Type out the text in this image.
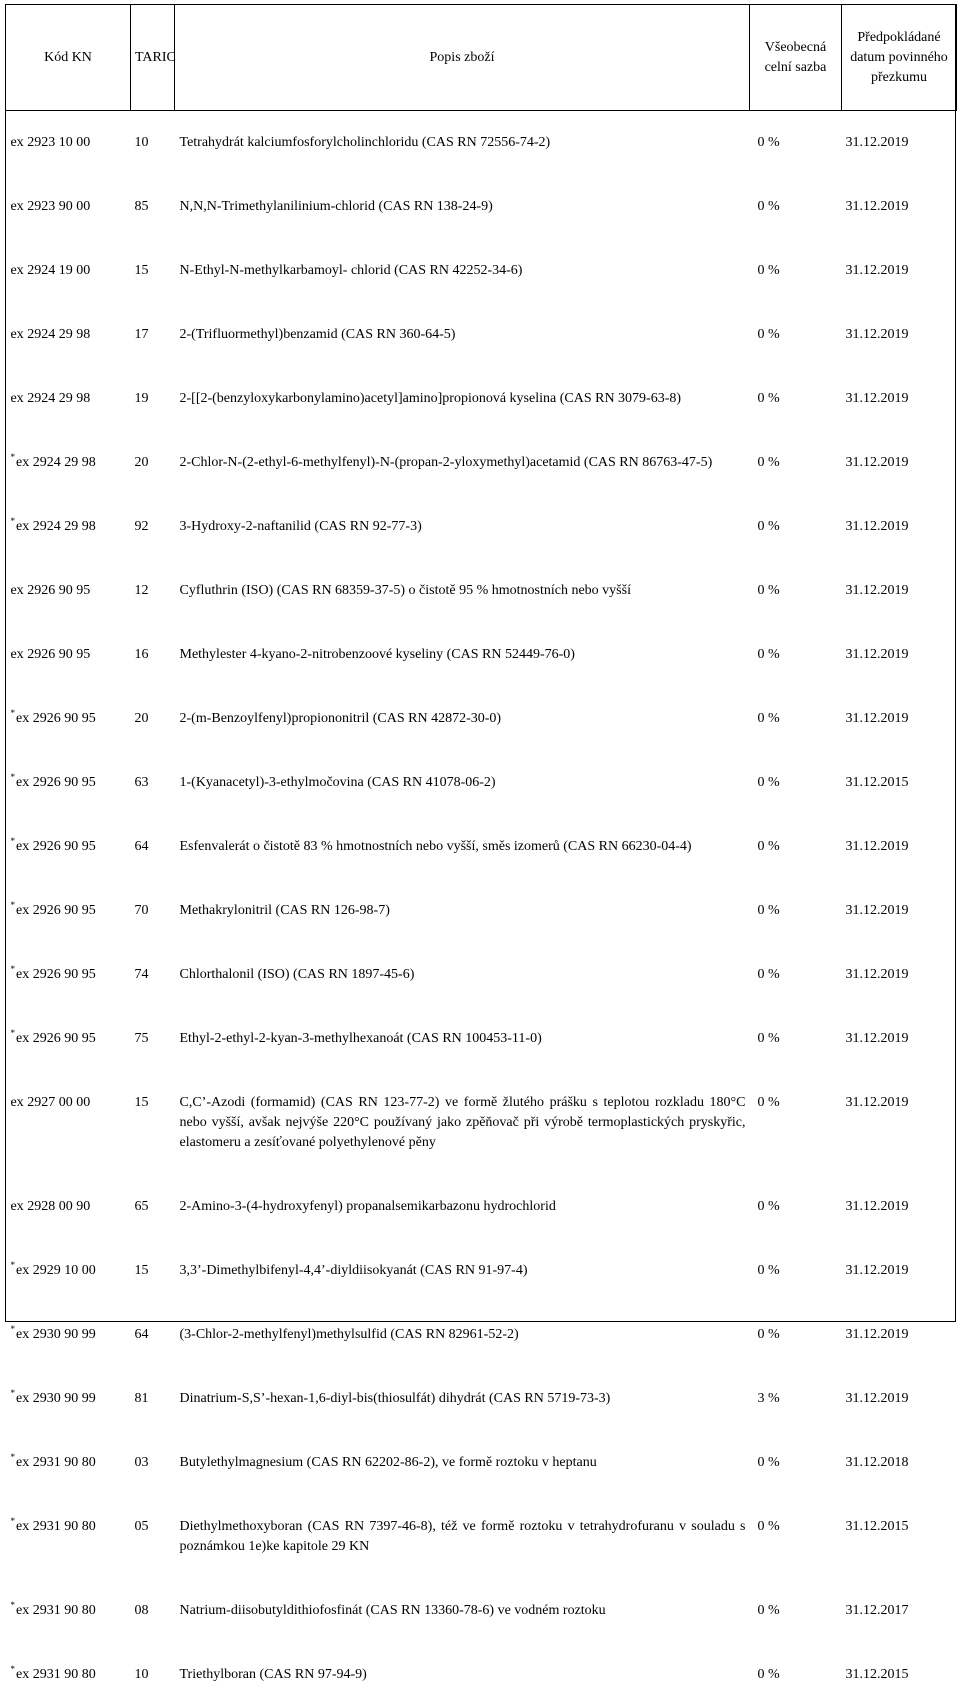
Kód KN	TARIC	Popis zboží	Všeobecná celní sazba	Předpokládané datum povinného přezkumu
ex 2923 10 00	10	Tetrahydrát kalciumfosforylcholinchloridu (CAS RN 72556-74-2)	0 %	31.12.2019
ex 2923 90 00	85	N,N,N-Trimethylanilinium-chlorid (CAS RN 138-24-9)	0 %	31.12.2019
ex 2924 19 00	15	N-Ethyl-N-methylkarbamoyl- chlorid (CAS RN 42252-34-6)	0 %	31.12.2019
ex 2924 29 98	17	2-(Trifluormethyl)benzamid (CAS RN 360-64-5)	0 %	31.12.2019
ex 2924 29 98	19	2-[[2-(benzyloxykarbonylamino)acetyl]amino]propionová kyselina (CAS RN 3079-63-8)	0 %	31.12.2019
*ex 2924 29 98	20	2-Chlor-N-(2-ethyl-6-methylfenyl)-N-(propan-2-yloxymethyl)acetamid (CAS RN 86763-47-5)	0 %	31.12.2019
*ex 2924 29 98	92	3-Hydroxy-2-naftanilid (CAS RN 92-77-3)	0 %	31.12.2019
ex 2926 90 95	12	Cyfluthrin (ISO) (CAS RN 68359-37-5) o čistotě 95 % hmotnostních nebo vyšší	0 %	31.12.2019
ex 2926 90 95	16	Methylester 4-kyano-2-nitrobenzoové kyseliny (CAS RN 52449-76-0)	0 %	31.12.2019
*ex 2926 90 95	20	2-(m-Benzoylfenyl)propiononitril (CAS RN 42872-30-0)	0 %	31.12.2019
*ex 2926 90 95	63	1-(Kyanacetyl)-3-ethylmočovina (CAS RN 41078-06-2)	0 %	31.12.2015
*ex 2926 90 95	64	Esfenvalerát o čistotě 83 % hmotnostních nebo vyšší, směs izomerů (CAS RN 66230-04-4)	0 %	31.12.2019
*ex 2926 90 95	70	Methakrylonitril (CAS RN 126-98-7)	0 %	31.12.2019
*ex 2926 90 95	74	Chlorthalonil (ISO) (CAS RN 1897-45-6)	0 %	31.12.2019
*ex 2926 90 95	75	Ethyl-2-ethyl-2-kyan-3-methylhexanoát (CAS RN 100453-11-0)	0 %	31.12.2019
ex 2927 00 00	15	C,C’-Azodi (formamid) (CAS RN 123-77-2) ve formě žlutého prášku s teplotou rozkladu 180°C nebo vyšší, avšak nejvýše 220°C používaný jako zpěňovač při výrobě termoplastických pryskyřic, elastomeru a zesíťované polyethylenové pěny	0 %	31.12.2019
ex 2928 00 90	65	2-Amino-3-(4-hydroxyfenyl) propanalsemikarbazonu hydrochlorid	0 %	31.12.2019
*ex 2929 10 00	15	3,3’-Dimethylbifenyl-4,4’-diyldiisokyanát (CAS RN 91-97-4)	0 %	31.12.2019
*ex 2930 90 99	64	(3-Chlor-2-methylfenyl)methylsulfid (CAS RN 82961-52-2)	0 %	31.12.2019
*ex 2930 90 99	81	Dinatrium-S,S’-hexan-1,6-diyl-bis(thiosulfát) dihydrát (CAS RN 5719-73-3)	3 %	31.12.2019
*ex 2931 90 80	03	Butylethylmagnesium (CAS RN 62202-86-2), ve formě roztoku v heptanu	0 %	31.12.2018
*ex 2931 90 80	05	Diethylmethoxyboran (CAS RN 7397-46-8), též ve formě roztoku v tetrahydrofuranu v souladu s poznámkou 1e)ke kapitole 29 KN	0 %	31.12.2015
*ex 2931 90 80	08	Natrium-diisobutyldithiofosfinát (CAS RN 13360-78-6) ve vodném roztoku	0 %	31.12.2017
*ex 2931 90 80	10	Triethylboran (CAS RN 97-94-9)	0 %	31.12.2015
